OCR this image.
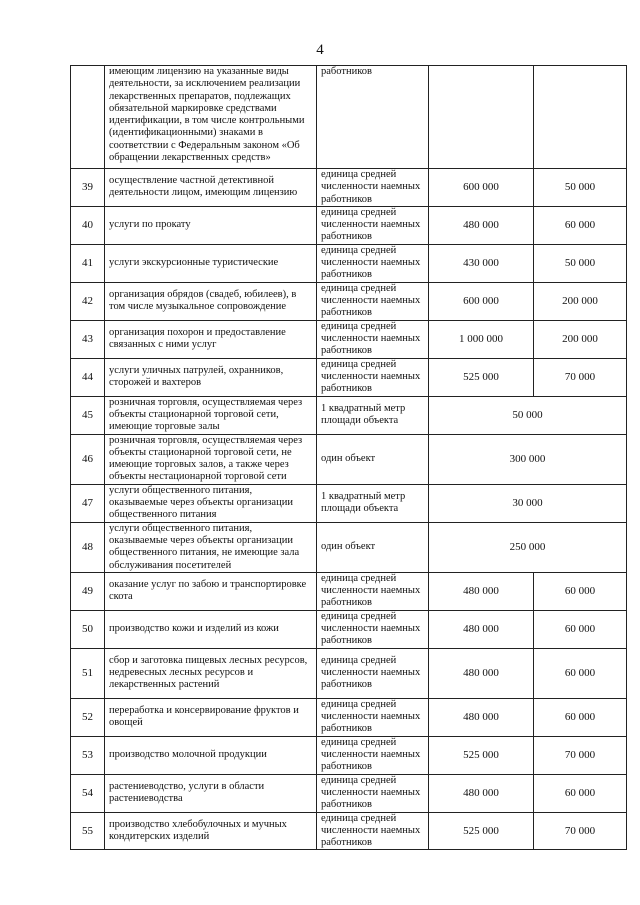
4
	имеющим лицензию на указанные виды деятельности, за исключением реализации лекарственных препаратов, подлежащих обязательной маркировке средствами идентификации, в том числе контрольными (идентификационными) знаками в соответствии с Федеральным законом «Об обращении лекарственных средств»	работников		
39	осуществление частной детективной деятельности лицом, имеющим лицензию	единица средней численности наемных работников	600 000	50 000
40	услуги по прокату	единица средней численности наемных работников	480 000	60 000
41	услуги экскурсионные туристические	единица средней численности наемных работников	430 000	50 000
42	организация обрядов (свадеб, юбилеев), в том числе музыкальное сопровождение	единица средней численности наемных работников	600 000	200 000
43	организация похорон и предоставление связанных с ними услуг	единица средней численности наемных работников	1 000 000	200 000
44	услуги уличных патрулей, охранников, сторожей и вахтеров	единица средней численности наемных работников	525 000	70 000
45	розничная торговля, осуществляемая через объекты стационарной торговой сети, имеющие торговые залы	1 квадратный метр площади объекта	50 000	
46	розничная торговля, осуществляемая через объекты стационарной торговой сети, не имеющие торговых залов, а также через объекты нестационарной торговой сети	один объект	300 000	
47	услуги общественного питания, оказываемые через объекты организации общественного питания	1 квадратный метр площади объекта	30 000	
48	услуги общественного питания, оказываемые через объекты организации общественного питания, не имеющие зала обслуживания посетителей	один объект	250 000	
49	оказание услуг по забою и транспортировке скота	единица средней численности наемных работников	480 000	60 000
50	производство кожи и изделий из кожи	единица средней численности наемных работников	480 000	60 000
51	сбор и заготовка пищевых лесных ресурсов, недревесных лесных ресурсов и лекарственных растений	единица средней численности наемных работников	480 000	60 000
52	переработка и консервирование фруктов и овощей	единица средней численности наемных работников	480 000	60 000
53	производство молочной продукции	единица средней численности наемных работников	525 000	70 000
54	растениеводство, услуги в области растениеводства	единица средней численности наемных работников	480 000	60 000
55	производство хлебобулочных и мучных кондитерских изделий	единица средней численности наемных работников	525 000	70 000
